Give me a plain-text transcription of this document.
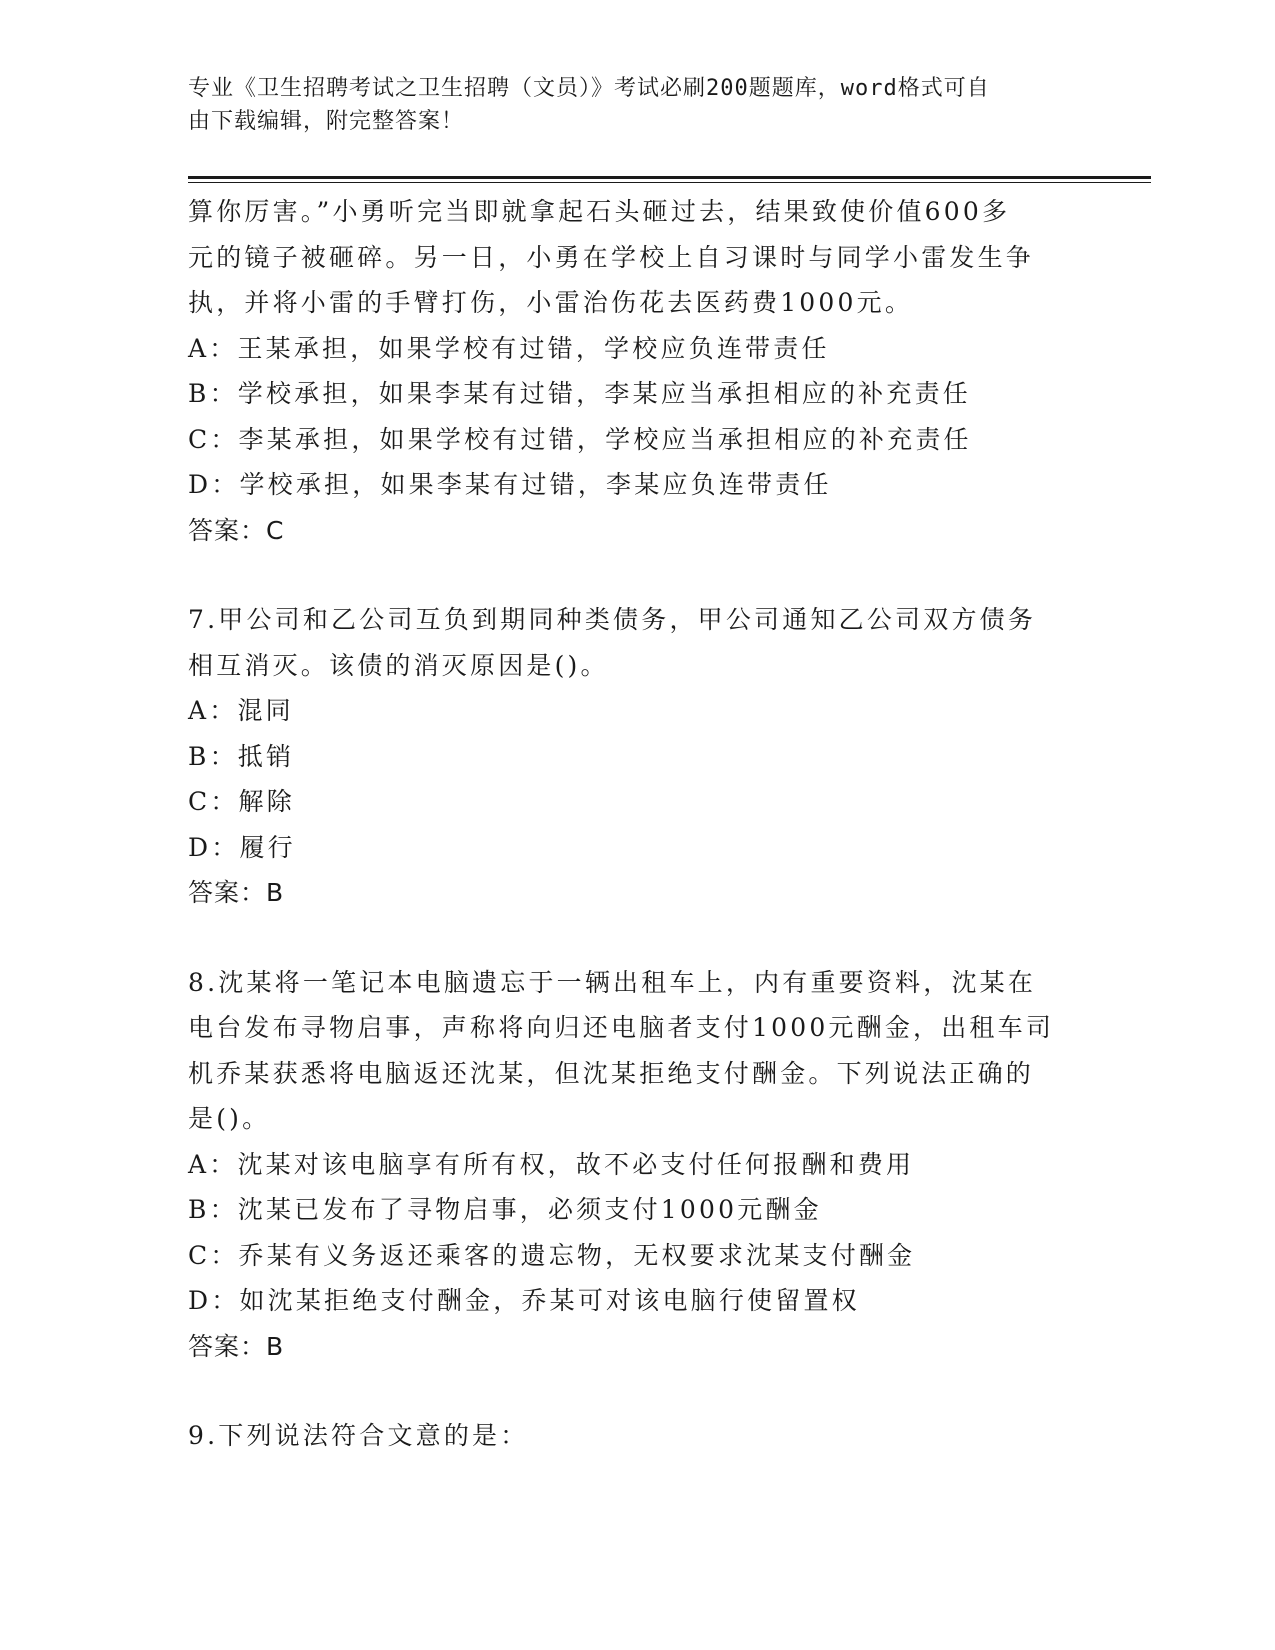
专业《卫生招聘考试之卫生招聘（文员）》考试必刷200题题库，word格式可自
由下载编辑，附完整答案！
算你厉害。”小勇听完当即就拿起石头砸过去，结果致使价值600多
元的镜子被砸碎。另一日，小勇在学校上自习课时与同学小雷发生争
执，并将小雷的手臂打伤，小雷治伤花去医药费1000元。
A：王某承担，如果学校有过错，学校应负连带责任
B：学校承担，如果李某有过错，李某应当承担相应的补充责任
C：李某承担，如果学校有过错，学校应当承担相应的补充责任
D：学校承担，如果李某有过错，李某应负连带责任
答案：C
7.甲公司和乙公司互负到期同种类债务，甲公司通知乙公司双方债务
相互消灭。该债的消灭原因是()。
A：混同
B：抵销
C：解除
D：履行
答案：B
8.沈某将一笔记本电脑遗忘于一辆出租车上，内有重要资料，沈某在
电台发布寻物启事，声称将向归还电脑者支付1000元酬金，出租车司
机乔某获悉将电脑返还沈某，但沈某拒绝支付酬金。下列说法正确的
是()。
A：沈某对该电脑享有所有权，故不必支付任何报酬和费用
B：沈某已发布了寻物启事，必须支付1000元酬金
C：乔某有义务返还乘客的遗忘物，无权要求沈某支付酬金
D：如沈某拒绝支付酬金，乔某可对该电脑行使留置权
答案：B
9.下列说法符合文意的是：
